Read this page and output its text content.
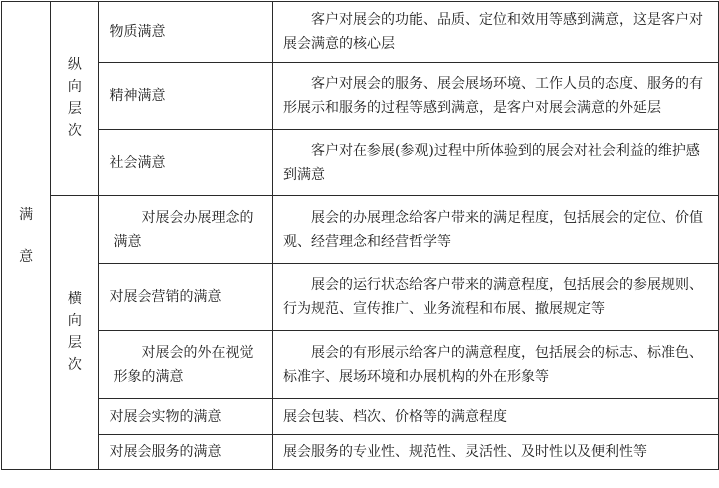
满意	纵向层次	物质满意	客户对展会的功能、品质、定位和效用等感到满意，这是客户对展会满意的核心层

		精神满意	客户对展会的服务、展会展场环境、工作人员的态度、服务的有形展示和服务的过程等感到满意，是客户对展会满意的外延层

		社会满意	客户对在参展(参观)过程中所体验到的展会对社会利益的维护感到满意

	横向层次	对展会办展理念的满意	展会的办展理念给客户带来的满足程度，包括展会的定位、价值观、经营理念和经营哲学等

		对展会营销的满意	展会的运行状态给客户带来的满意程度，包括展会的参展规则、行为规范、宣传推广、业务流程和布展、撤展规定等

		对展会的外在视觉形象的满意	展会的有形展示给客户的满意程度，包括展会的标志、标准色、标准字、展场环境和办展机构的外在形象等

		对展会实物的满意	展会包装、档次、价格等的满意程度
		对展会服务的满意	展会服务的专业性、规范性、灵活性、及时性以及便利性等
